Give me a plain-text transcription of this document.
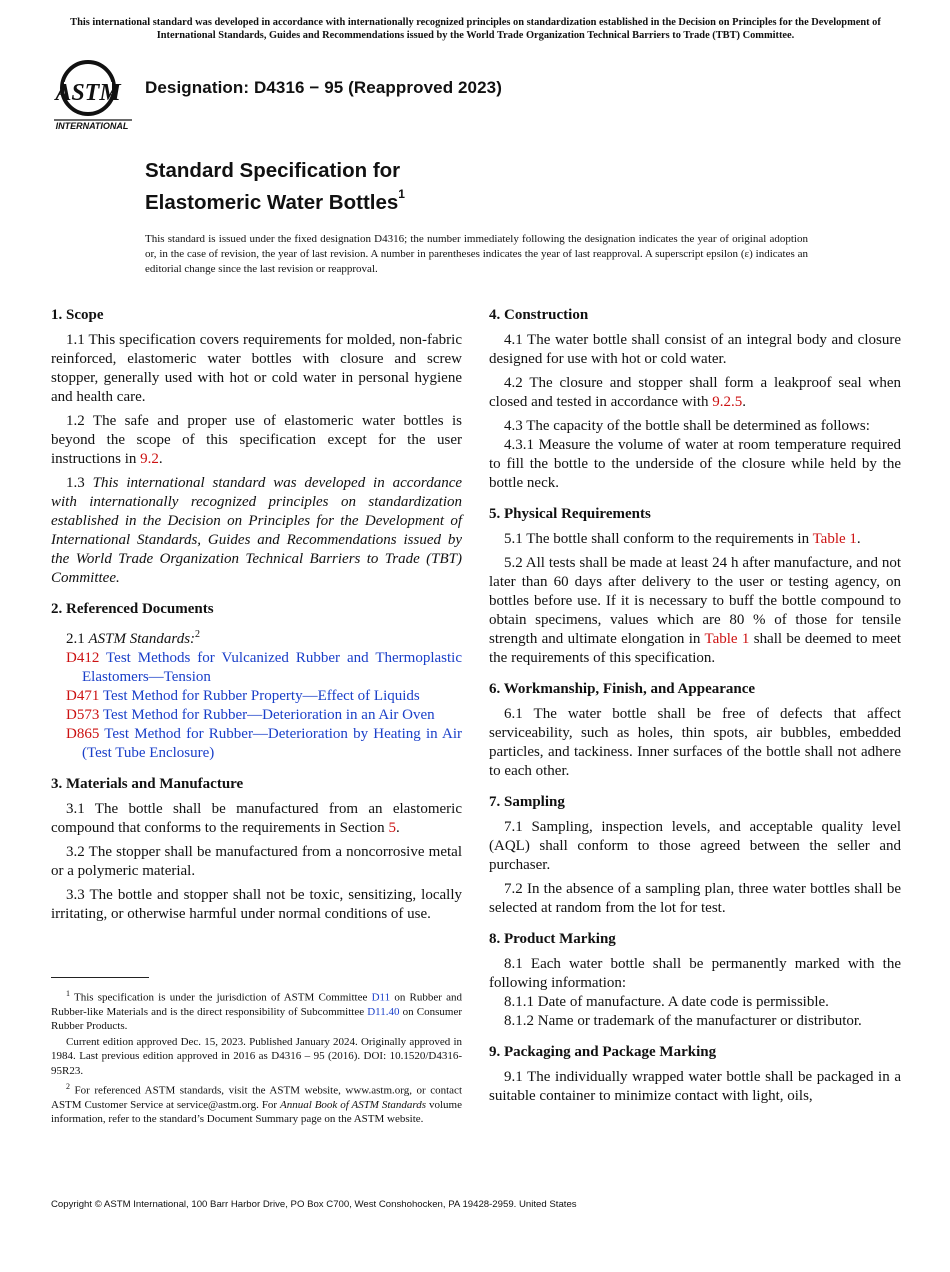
This international standard was developed in accordance with internationally recognized principles on standardization established in the Decision on Principles for the Development of International Standards, Guides and Recommendations issued by the World Trade Organization Technical Barriers to Trade (TBT) Committee.
ASTM
INTERNATIONAL
Designation: D4316 − 95 (Reapproved 2023)
Standard Specification for
Elastomeric Water Bottles$^1$
This standard is issued under the fixed designation D4316; the number immediately following the designation indicates the year of original adoption or, in the case of revision, the year of last revision. A number in parentheses indicates the year of last reapproval. A superscript epsilon (ε) indicates an editorial change since the last revision or reapproval.
1. Scope

1.1 This specification covers requirements for molded, non-fabric reinforced, elastomeric water bottles with closure and screw stopper, generally used with hot or cold water in personal hygiene and health care.

1.2 The safe and proper use of elastomeric water bottles is beyond the scope of this specification except for the user instructions in 9.2.

1.3 This international standard was developed in accordance with internationally recognized principles on standardization established in the Decision on Principles for the Development of International Standards, Guides and Recommendations issued by the World Trade Organization Technical Barriers to Trade (TBT) Committee.

2. Referenced Documents

2.1 ASTM Standards:$^2$

D412 Test Methods for Vulcanized Rubber and Thermoplastic Elastomers—Tension
D471 Test Method for Rubber Property—Effect of Liquids
D573 Test Method for Rubber—Deterioration in an Air Oven
D865 Test Method for Rubber—Deterioration by Heating in Air (Test Tube Enclosure)
3. Materials and Manufacture

3.1 The bottle shall be manufactured from an elastomeric compound that conforms to the requirements in Section 5.

3.2 The stopper shall be manufactured from a noncorrosive metal or a polymeric material.

3.3 The bottle and stopper shall not be toxic, sensitizing, locally irritating, or otherwise harmful under normal conditions of use.

4. Construction

4.1 The water bottle shall consist of an integral body and closure designed for use with hot or cold water.

4.2 The closure and stopper shall form a leakproof seal when closed and tested in accordance with 9.2.5.

4.3 The capacity of the bottle shall be determined as follows:

4.3.1 Measure the volume of water at room temperature required to fill the bottle to the underside of the closure while held by the bottle neck.

5. Physical Requirements

5.1 The bottle shall conform to the requirements in Table 1.

5.2 All tests shall be made at least 24 h after manufacture, and not later than 60 days after delivery to the user or testing agency, on bottles before use. If it is necessary to buff the bottle compound to obtain specimens, values which are 80 % of those for tensile strength and ultimate elongation in Table 1 shall be deemed to meet the requirements of this specification.

6. Workmanship, Finish, and Appearance

6.1 The water bottle shall be free of defects that affect serviceability, such as holes, thin spots, air bubbles, embedded particles, and tackiness. Inner surfaces of the bottle shall not adhere to each other.

7. Sampling

7.1 Sampling, inspection levels, and acceptable quality level (AQL) shall conform to those agreed between the seller and purchaser.

7.2 In the absence of a sampling plan, three water bottles shall be selected at random from the lot for test.

8. Product Marking

8.1 Each water bottle shall be permanently marked with the following information:

8.1.1 Date of manufacture. A date code is permissible.

8.1.2 Name or trademark of the manufacturer or distributor.

9. Packaging and Package Marking

9.1 The individually wrapped water bottle shall be packaged in a suitable container to minimize contact with light, oils,

$^1$ This specification is under the jurisdiction of ASTM Committee D11 on Rubber and Rubber-like Materials and is the direct responsibility of Subcommittee D11.40 on Consumer Rubber Products.

Current edition approved Dec. 15, 2023. Published January 2024. Originally approved in 1984. Last previous edition approved in 2016 as D4316 – 95 (2016). DOI: 10.1520/D4316-95R23.

$^2$ For referenced ASTM standards, visit the ASTM website, www.astm.org, or contact ASTM Customer Service at service@astm.org. For Annual Book of ASTM Standards volume information, refer to the standard’s Document Summary page on the ASTM website.

Copyright © ASTM International, 100 Barr Harbor Drive, PO Box C700, West Conshohocken, PA 19428-2959. United States
